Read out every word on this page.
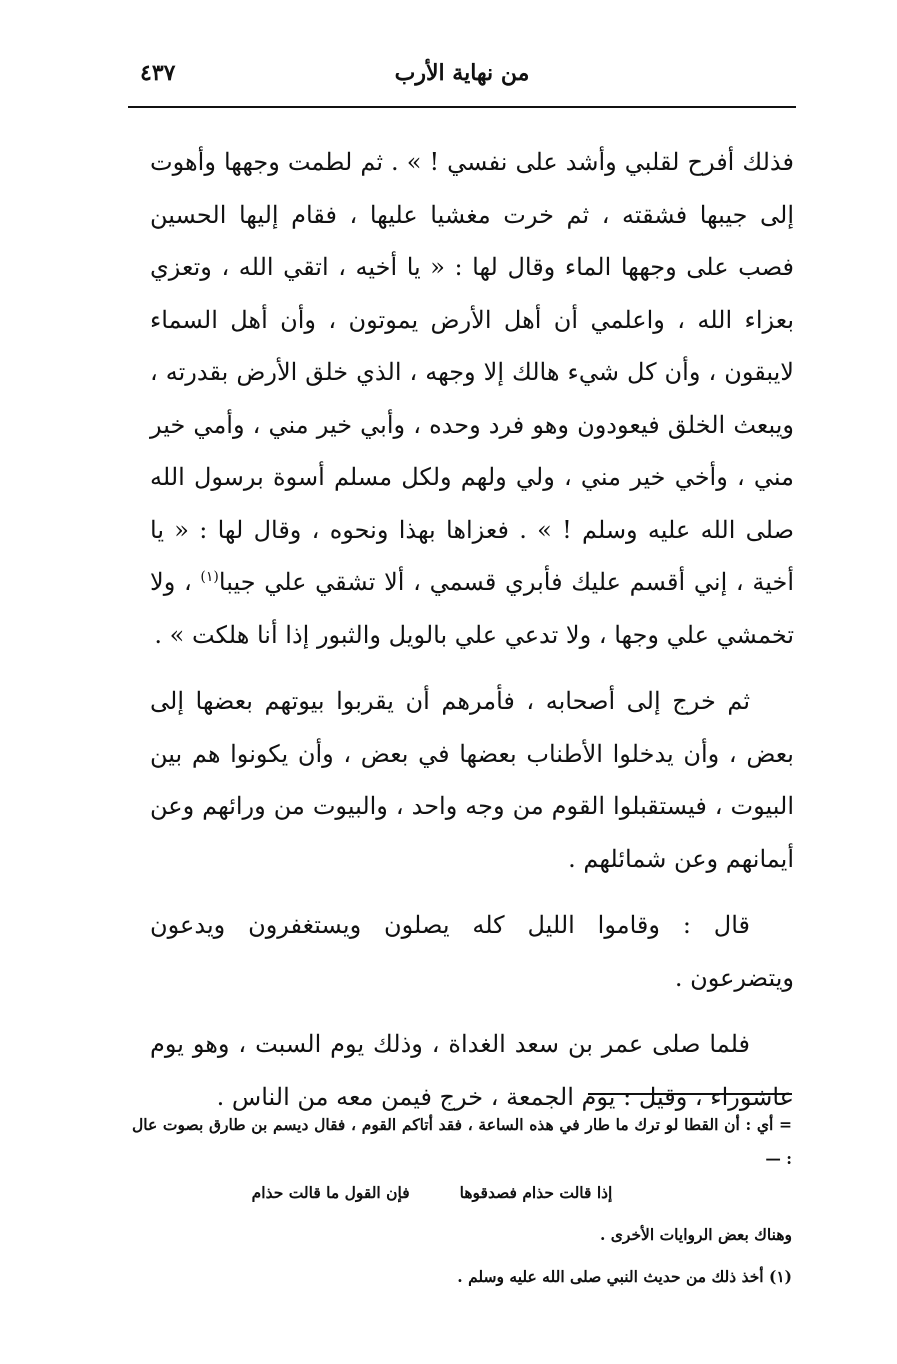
من نهاية الأرب
٤٣٧

فذلك أفرح لقلبي وأشد على نفسي ! » . ثم لطمت وجهها وأهوت إلى جيبها فشقته ، ثم خرت مغشيا عليها ، فقام إليها الحسين فصب على وجهها الماء وقال لها : « يا أخيه ، اتقي الله ، وتعزي بعزاء الله ، واعلمي أن أهل الأرض يموتون ، وأن أهل السماء لايبقون ، وأن كل شيء هالك إلا وجهه ، الذي خلق الأرض بقدرته ، ويبعث الخلق فيعودون وهو فرد وحده ، وأبي خير مني ، وأمي خير مني ، وأخي خير مني ، ولي ولهم ولكل مسلم أسوة برسول الله صلى الله عليه وسلم ! » . فعزاها بهذا ونحوه ، وقال لها : « يا أخية ، إني أقسم عليك فأبري قسمي ، ألا تشقي علي جيبا$^{(١)}$ ، ولا تخمشي علي وجها ، ولا تدعي علي بالويل والثبور إذا أنا هلكت » .

ثم خرج إلى أصحابه ، فأمرهم أن يقربوا بيوتهم بعضها إلى بعض ، وأن يدخلوا الأطناب بعضها في بعض ، وأن يكونوا هم بين البيوت ، فيستقبلوا القوم من وجه واحد ، والبيوت من ورائهم وعن أيمانهم وعن شمائلهم .

قال : وقاموا الليل كله يصلون ويستغفرون ويدعون ويتضرعون .

فلما صلى عمر بن سعد الغداة ، وذلك يوم السبت ، وهو يوم عاشوراء ، وقيل : يوم الجمعة ، خرج فيمن معه من الناس .

= أي : أن القطا لو ترك ما طار في هذه الساعة ، فقد أتاكم القوم ، فقال ديسم بن طارق بصوت عال : —

إذا قالت حذام فصدقوها
فإن القول ما قالت حذام

وهناك بعض الروايات الأخرى .

(١) أخذ ذلك من حديث النبي صلى الله عليه وسلم .
